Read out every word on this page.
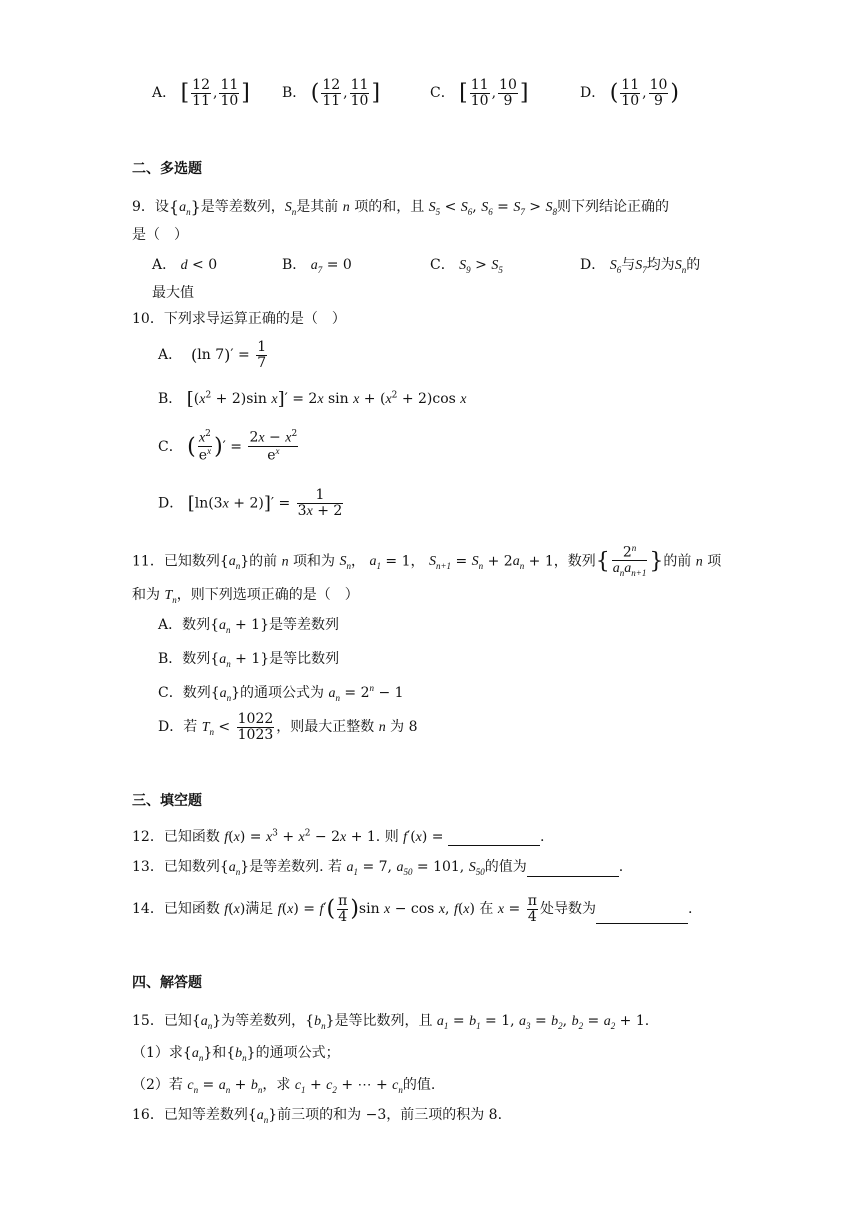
A． [ $\frac{12}{11}$ , $\frac{11}{10}$ ] B． ( $\frac{12}{11}$ , $\frac{11}{10}$ ]	C． [ $\frac{11}{10}$ , $\frac{10}{9}$ ]	D． ( $\frac{11}{10}$ , $\frac{10}{9}$ )
二、多选题
9．设$\{a_n\}$是等差数列，$S_n$是其前 n 项的和，且 $S_5 < S_6$, $S_6 = S_7 > S_8$则下列结论正确的
是（　）
A． d < 0	B． $a_7 = 0$	C． $S_9 > S_5$	D． $S_6$与$S_7$均为$S_n$的
最大值
10．下列求导运算正确的是（　）
A．  (ln $7)' = \frac{1}{7}$
B． [$(x^2 + 2)\sin$ x]′ = 2x $\sin x + (x^2 + 2)\cos$ x
C． ( $\frac{x^2}{e^x}$ )′ = $\frac{2x - x^2}{e^x}$
D． $[\ln(3x + 2)]' = \frac{1}{3x + 2}$
11．已知数列$\{a_n\}$的前 n 项和为 $S_n$， $a_1 = 1$， $S_{n+1} = S_n + 2a_n + 1$，数列{ $\frac{2^n}{a_na_{n+1}}$ }的前 n 项
和为 $T_n$，则下列选项正确的是（　）
A．数列$\{a_n + 1\}$是等差数列
B．数列$\{a_n + 1\}$是等比数列
C．数列$\{a_n\}$的通项公式为 $a_n = 2^n - 1$
D．若 $T_n < \frac{1022}{1023}$ ，则最大正整数 n 为 8
三、填空题
12．已知函数 $f(x) = x^3 + x^2 - 2x + 1$. 则 f′(x) =	.
13．已知数列$\{a_n\}$是等差数列. 若 $a_1 = 7$, $a_{50} = 101$, $S_{50}$的值为	.
14．已知函数 f(x)满足 $f(x) = f'( \frac{\pi}{4} )\sin$ x − cos x, f(x) 在 $x = \frac{\pi}{4}$ 处导数为	.
四、解答题
15．已知$\{a_n\}$为等差数列，$\{b_n\}$是等比数列，且 $a_1 = b_1 = 1$, $a_3 = b_2$, $b_2 = a_2 + 1$.
（1）求$\{a_n\}$和$\{b_n\}$的通项公式；
（2）若 $c_n = a_n + b_n$，求 $c_1 + c_2$ + ⋯ + $c_n$的值.
16．已知等差数列$\{a_n\}$前三项的和为 −3，前三项的积为 8.
